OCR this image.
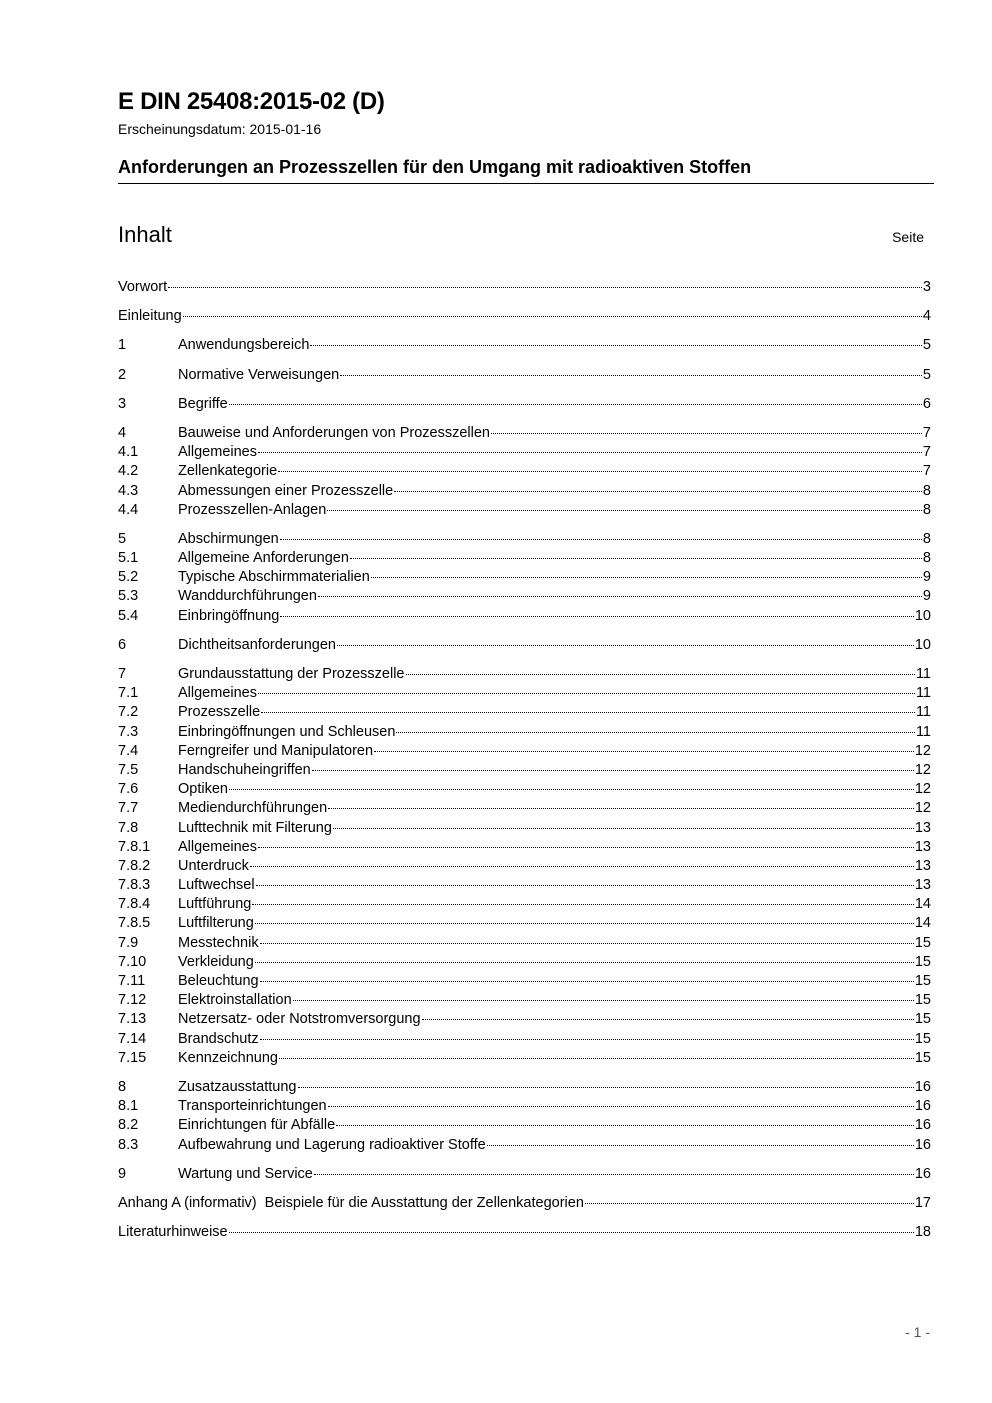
E DIN 25408:2015-02 (D)
Erscheinungsdatum: 2015-01-16
Anforderungen an Prozesszellen für den Umgang mit radioaktiven Stoffen
Inhalt	Seite
Vorwort	3
Einleitung	4
1	Anwendungsbereich	5
2	Normative Verweisungen	5
3	Begriffe	6
4	Bauweise und Anforderungen von Prozesszellen	7
4.1	Allgemeines	7
4.2	Zellenkategorie	7
4.3	Abmessungen einer Prozesszelle	8
4.4	Prozesszellen-Anlagen	8
5	Abschirmungen	8
5.1	Allgemeine Anforderungen	8
5.2	Typische Abschirmmaterialien	9
5.3	Wanddurchführungen	9
5.4	Einbringöffnung	10
6	Dichtheitsanforderungen	10
7	Grundausstattung der Prozesszelle	11
7.1	Allgemeines	11
7.2	Prozesszelle	11
7.3	Einbringöffnungen und Schleusen	11
7.4	Ferngreifer und Manipulatoren	12
7.5	Handschuheingriffen	12
7.6	Optiken	12
7.7	Mediendurchführungen	12
7.8	Lufttechnik mit Filterung	13
7.8.1	Allgemeines	13
7.8.2	Unterdruck	13
7.8.3	Luftwechsel	13
7.8.4	Luftführung	14
7.8.5	Luftfilterung	14
7.9	Messtechnik	15
7.10	Verkleidung	15
7.11	Beleuchtung	15
7.12	Elektroinstallation	15
7.13	Netzersatz- oder Notstromversorgung	15
7.14	Brandschutz	15
7.15	Kennzeichnung	15
8	Zusatzausstattung	16
8.1	Transporteinrichtungen	16
8.2	Einrichtungen für Abfälle	16
8.3	Aufbewahrung und Lagerung radioaktiver Stoffe	16
9	Wartung und Service	16
Anhang A (informativ)  Beispiele für die Ausstattung der Zellenkategorien	17
Literaturhinweise	18
- 1 -
